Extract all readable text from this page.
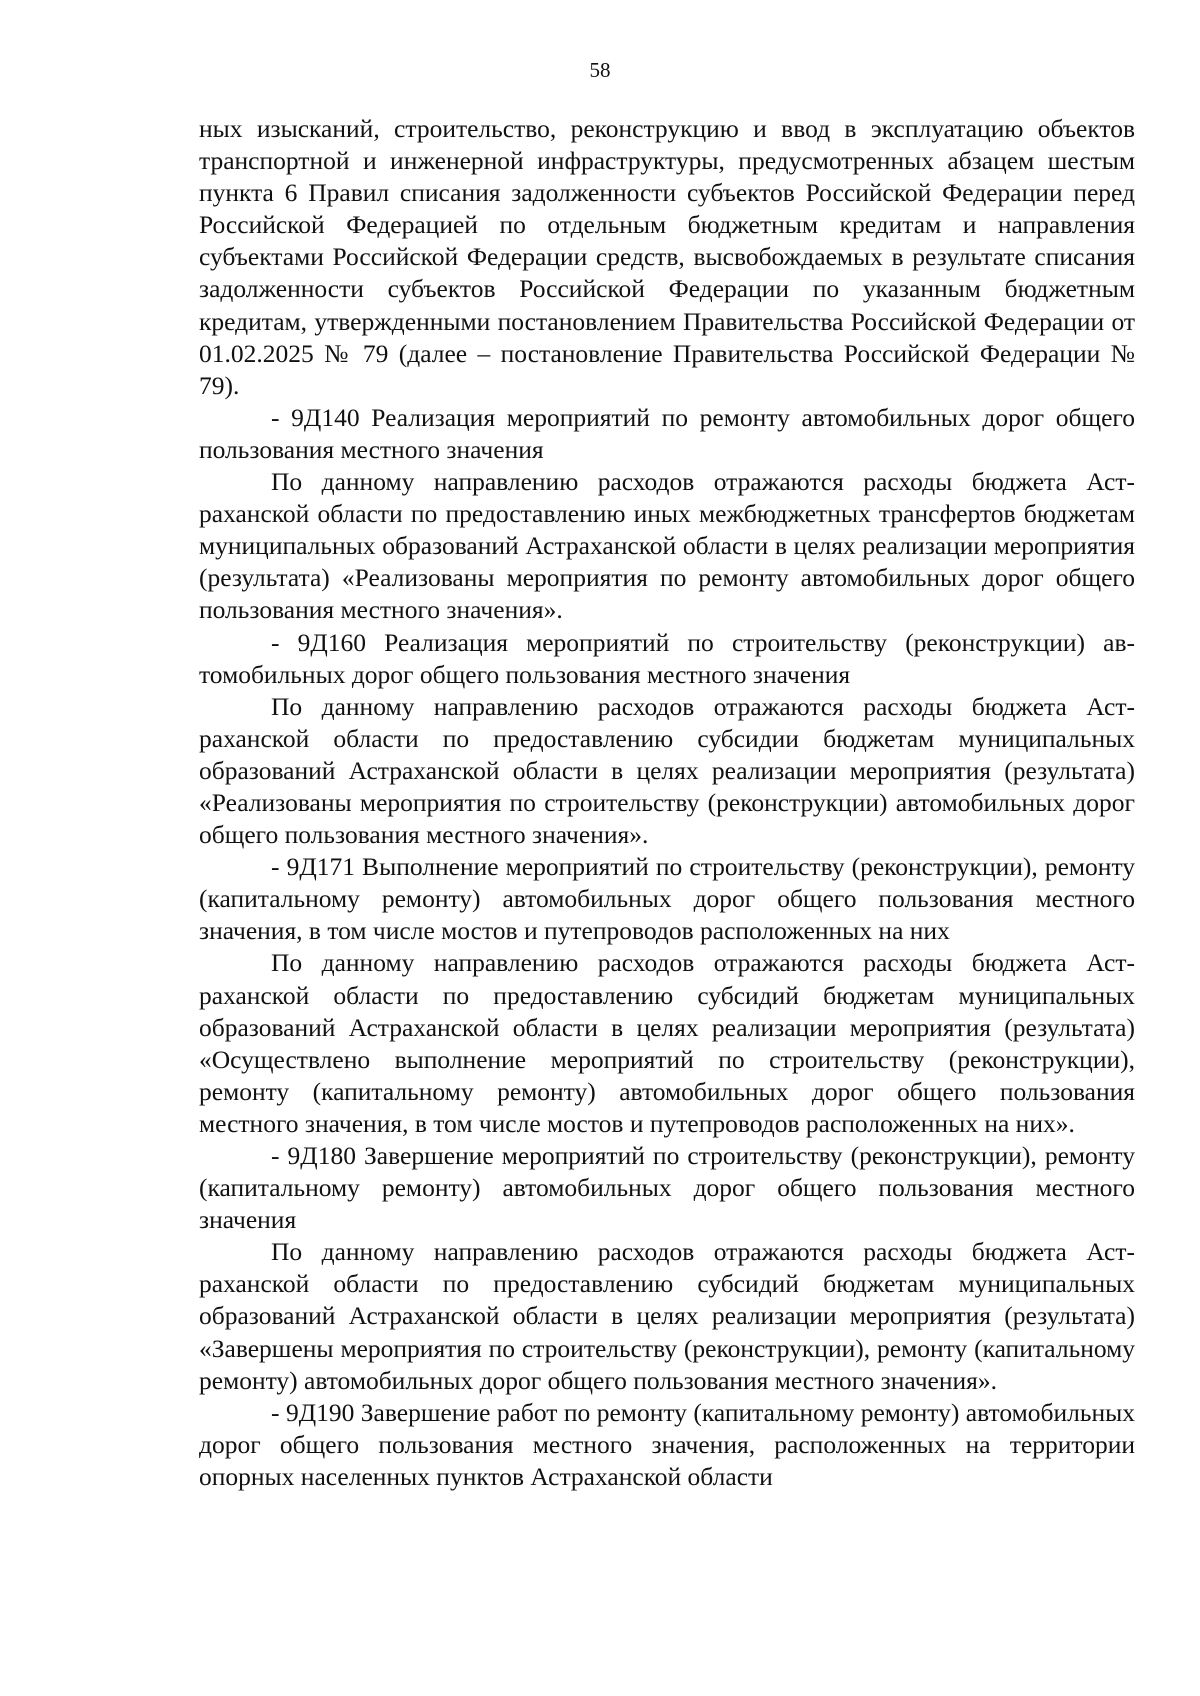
58

ных изысканий, строительство, реконструкцию и ввод в эксплуатацию объектов транспортной и инженерной инфраструктуры, предусмотренных абзацем шестым пункта 6 Правил списания задолженности субъектов Российской Федерации перед Российской Федерацией по отдельным бюджетным кредитам и направления субъектами Российской Федерации средств, высвобождаемых в результате списания задолженности субъектов Российской Федерации по указанным бюджетным кредитам, утвержденными постановлением Правительства Российской Федерации от 01.02.2025 № 79 (далее – постановление Правительства Российской Федерации № 79).

- 9Д140 Реализация мероприятий по ремонту автомобильных дорог общего пользования местного значения

По данному направлению расходов отражаются расходы бюджета Астраханской области по предоставлению иных межбюджетных трансфертов бюджетам муниципальных образований Астраханской области в целях реализации мероприятия (результата) «Реализованы мероприятия по ремонту автомобильных дорог общего пользования местного значения».

- 9Д160 Реализация мероприятий по строительству (реконструкции) автомобильных дорог общего пользования местного значения

По данному направлению расходов отражаются расходы бюджета Астраханской области по предоставлению субсидии бюджетам муниципальных образований Астраханской области в целях реализации мероприятия (результата) «Реализованы мероприятия по строительству (реконструкции) автомобильных дорог общего пользования местного значения».

- 9Д171 Выполнение мероприятий по строительству (реконструкции), ремонту (капитальному ремонту) автомобильных дорог общего пользования местного значения, в том числе мостов и путепроводов расположенных на них

По данному направлению расходов отражаются расходы бюджета Астраханской области по предоставлению субсидий бюджетам муниципальных образований Астраханской области в целях реализации мероприятия (результата) «Осуществлено выполнение мероприятий по строительству (реконструкции), ремонту (капитальному ремонту) автомобильных дорог общего пользования местного значения, в том числе мостов и путепроводов расположенных на них».

- 9Д180 Завершение мероприятий по строительству (реконструкции), ремонту (капитальному ремонту) автомобильных дорог общего пользования местного значения

По данному направлению расходов отражаются расходы бюджета Астраханской области по предоставлению субсидий бюджетам муниципальных образований Астраханской области в целях реализации мероприятия (результата) «Завершены мероприятия по строительству (реконструкции), ремонту (капитальному ремонту) автомобильных дорог общего пользования местного значения».

- 9Д190 Завершение работ по ремонту (капитальному ремонту) автомобильных дорог общего пользования местного значения, расположенных на территории опорных населенных пунктов Астраханской области
